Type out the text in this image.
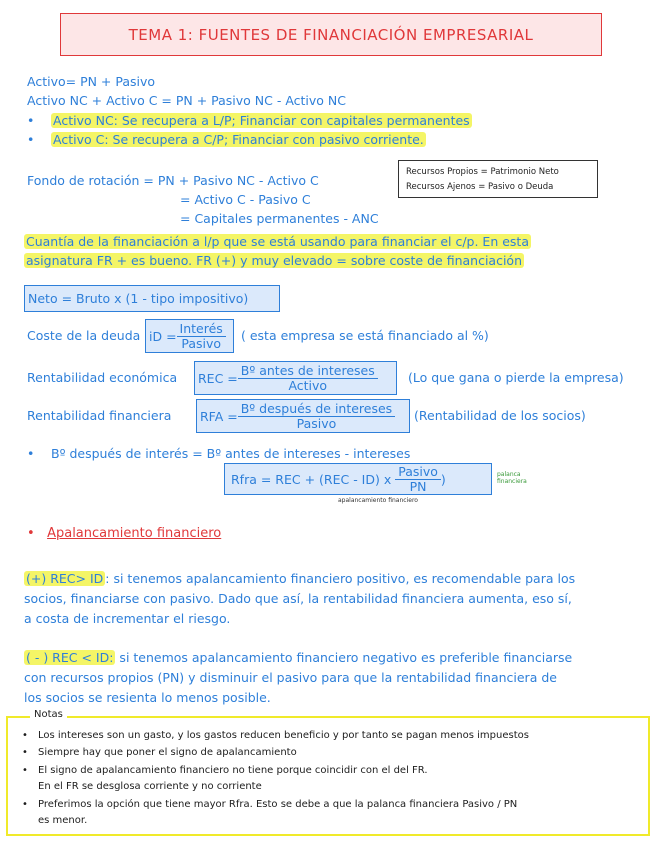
TEMA 1: FUENTES DE FINANCIACIÓN EMPRESARIAL
Activo= PN + Pasivo
Activo NC + Activo C = PN + Pasivo NC - Activo NC
• Activo NC: Se recupera a L/P; Financiar con capitales permanentes
• Activo C: Se recupera a C/P; Financiar con pasivo corriente.
Recursos Propios = Patrimonio Neto
Recursos Ajenos = Pasivo o Deuda
Fondo de rotación = PN + Pasivo NC - Activo C
= Activo C - Pasivo C
= Capitales permanentes - ANC
Cuantía de la financiación a l/p que se está usando para financiar el c/p. En esta
asignatura FR + es bueno. FR (+) y muy elevado = sobre coste de financiación
Neto = Bruto x (1 - tipo impositivo)
Coste de la deuda iD = $\frac{\text{Interés}}{\text{Pasivo}}$ ( esta empresa se está financiado al %)
Rentabilidad económica REC = $\frac{\text{Bº antes de intereses}}{\text{Activo}} (Lo$ que gana o pierde la empresa)
Rentabilidad financiera RFA = $\frac{\text{Bº después de intereses}}{\text{Pasivo}}$ (Rentabilidad de los socios)
• Bº después de interés = Bº antes de intereses - intereses
Rfra = REC + (REC - ID) x $\frac{\text{Pasivo}}{PN}$ )
apalancamiento financiero
palanca
financiera
•   Apalancamiento financiero
(+) REC> ID : si tenemos apalancamiento financiero positivo, es recomendable para los
socios, financiarse con pasivo. Dado que así, la rentabilidad financiera aumenta, eso sí,
a costa de incrementar el riesgo.
( - ) REC < ID: si tenemos apalancamiento financiero negativo es preferible financiarse
con recursos propios (PN) y disminuir el pasivo para que la rentabilidad financiera de
los socios se resienta lo menos posible.
Notas
• Los intereses son un gasto, y los gastos reducen beneficio y por tanto se pagan menos impuestos
• Siempre hay que poner el signo de apalancamiento
• El signo de apalancamiento financiero no tiene porque coincidir con el del FR.
En el FR se desglosa corriente y no corriente
• Preferimos la opción que tiene mayor Rfra. Esto se debe a que la palanca financiera Pasivo / PN
es menor.
